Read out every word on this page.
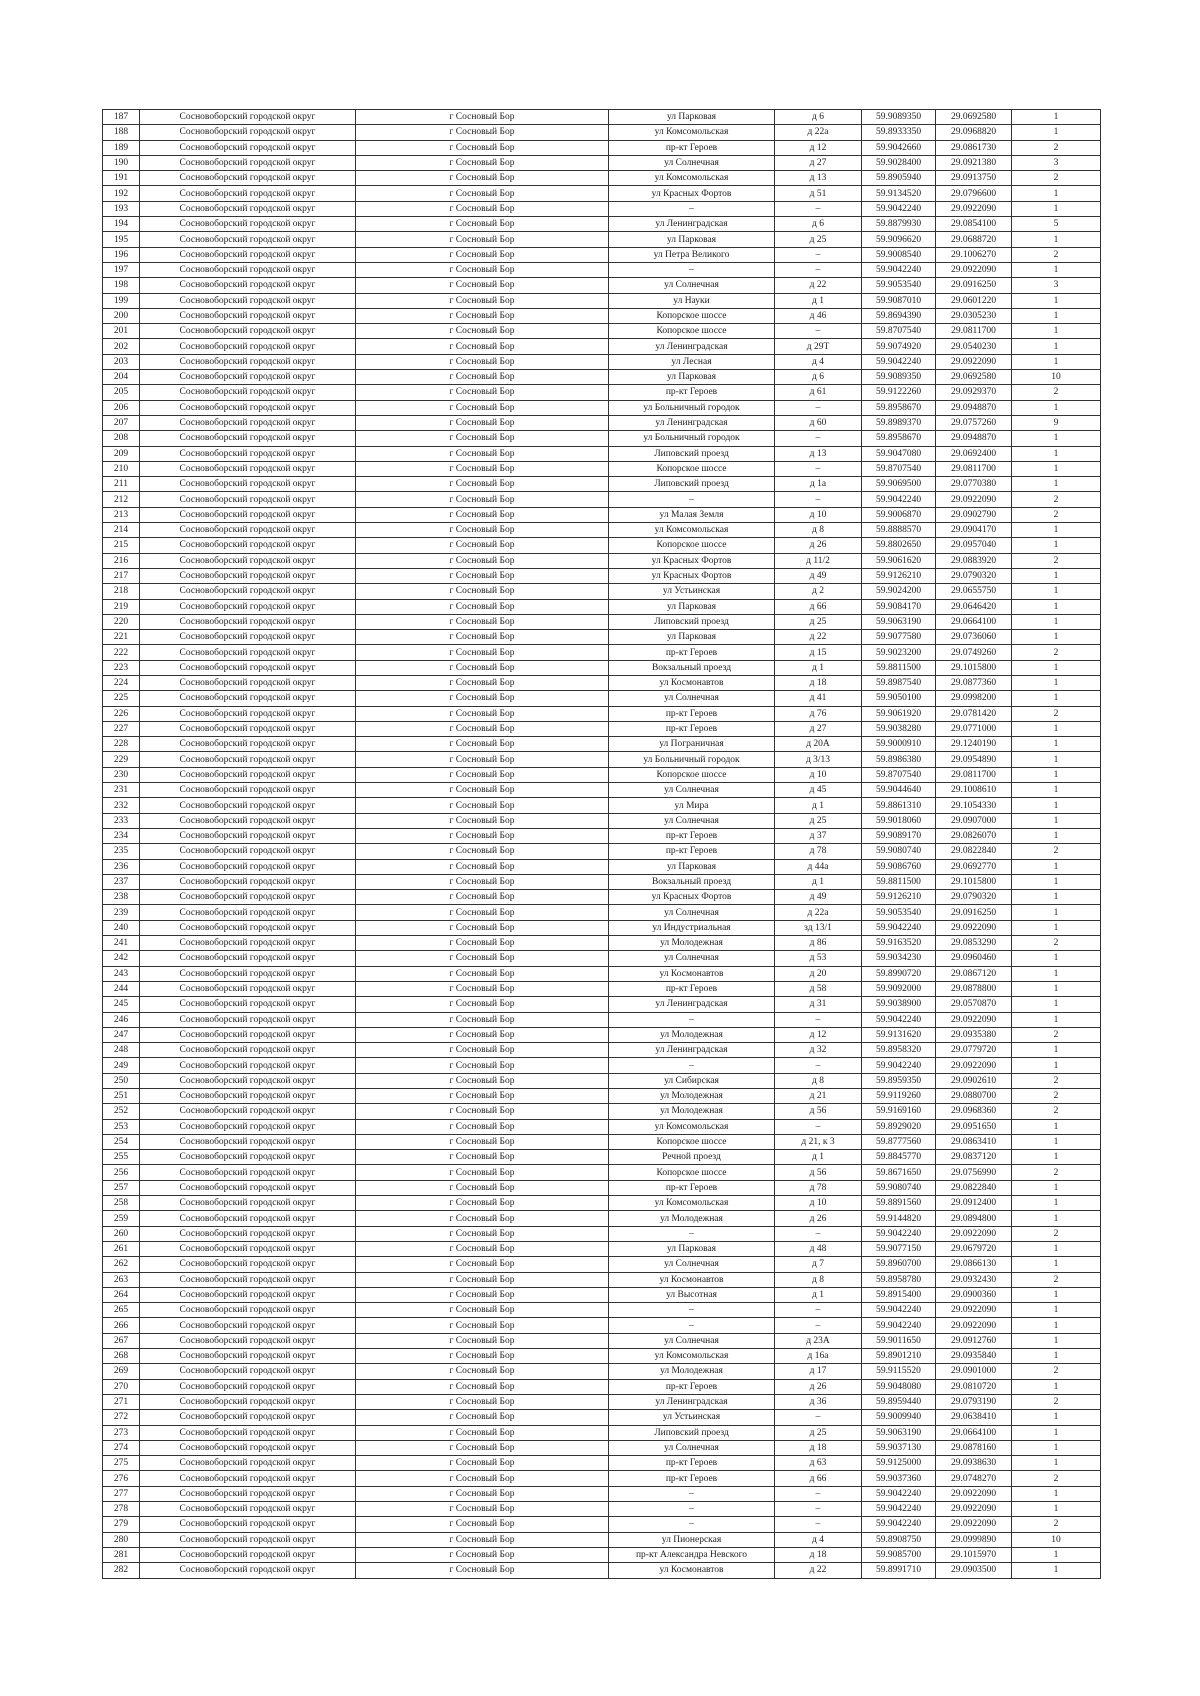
187	Сосновоборский городской округ	г Сосновый Бор	ул Парковая	д 6	59.9089350	29.0692580	1
188	Сосновоборский городской округ	г Сосновый Бор	ул Комсомольская	д 22а	59.8933350	29.0968820	1
189	Сосновоборский городской округ	г Сосновый Бор	пр-кт Героев	д 12	59.9042660	29.0861730	2
190	Сосновоборский городской округ	г Сосновый Бор	ул Солнечная	д 27	59.9028400	29.0921380	3
191	Сосновоборский городской округ	г Сосновый Бор	ул Комсомольская	д 13	59.8905940	29.0913750	2
192	Сосновоборский городской округ	г Сосновый Бор	ул Красных Фортов	д 51	59.9134520	29.0796600	1
193	Сосновоборский городской округ	г Сосновый Бор	–	–	59.9042240	29.0922090	1
194	Сосновоборский городской округ	г Сосновый Бор	ул Ленинградская	д 6	59.8879930	29.0854100	5
195	Сосновоборский городской округ	г Сосновый Бор	ул Парковая	д 25	59.9096620	29.0688720	1
196	Сосновоборский городской округ	г Сосновый Бор	ул Петра Великого	–	59.9008540	29.1006270	2
197	Сосновоборский городской округ	г Сосновый Бор	–	–	59.9042240	29.0922090	1
198	Сосновоборский городской округ	г Сосновый Бор	ул Солнечная	д 22	59.9053540	29.0916250	3
199	Сосновоборский городской округ	г Сосновый Бор	ул Науки	д 1	59.9087010	29.0601220	1
200	Сосновоборский городской округ	г Сосновый Бор	Копорское шоссе	д 46	59.8694390	29.0305230	1
201	Сосновоборский городской округ	г Сосновый Бор	Копорское шоссе	–	59.8707540	29.0811700	1
202	Сосновоборский городской округ	г Сосновый Бор	ул Ленинградская	д 29Т	59.9074920	29.0540230	1
203	Сосновоборский городской округ	г Сосновый Бор	ул Лесная	д 4	59.9042240	29.0922090	1
204	Сосновоборский городской округ	г Сосновый Бор	ул Парковая	д 6	59.9089350	29.0692580	10
205	Сосновоборский городской округ	г Сосновый Бор	пр-кт Героев	д 61	59.9122260	29.0929370	2
206	Сосновоборский городской округ	г Сосновый Бор	ул Больничный городок	–	59.8958670	29.0948870	1
207	Сосновоборский городской округ	г Сосновый Бор	ул Ленинградская	д 60	59.8989370	29.0757260	9
208	Сосновоборский городской округ	г Сосновый Бор	ул Больничный городок	–	59.8958670	29.0948870	1
209	Сосновоборский городской округ	г Сосновый Бор	Липовский проезд	д 13	59.9047080	29.0692400	1
210	Сосновоборский городской округ	г Сосновый Бор	Копорское шоссе	–	59.8707540	29.0811700	1
211	Сосновоборский городской округ	г Сосновый Бор	Липовский проезд	д 1а	59.9069500	29.0770380	1
212	Сосновоборский городской округ	г Сосновый Бор	–	–	59.9042240	29.0922090	2
213	Сосновоборский городской округ	г Сосновый Бор	ул Малая Земля	д 10	59.9006870	29.0902790	2
214	Сосновоборский городской округ	г Сосновый Бор	ул Комсомольская	д 8	59.8888570	29.0904170	1
215	Сосновоборский городской округ	г Сосновый Бор	Копорское шоссе	д 26	59.8802650	29.0957040	1
216	Сосновоборский городской округ	г Сосновый Бор	ул Красных Фортов	д 11/2	59.9061620	29.0883920	2
217	Сосновоборский городской округ	г Сосновый Бор	ул Красных Фортов	д 49	59.9126210	29.0790320	1
218	Сосновоборский городской округ	г Сосновый Бор	ул Устьинская	д 2	59.9024200	29.0655750	1
219	Сосновоборский городской округ	г Сосновый Бор	ул Парковая	д 66	59.9084170	29.0646420	1
220	Сосновоборский городской округ	г Сосновый Бор	Липовский проезд	д 25	59.9063190	29.0664100	1
221	Сосновоборский городской округ	г Сосновый Бор	ул Парковая	д 22	59.9077580	29.0736060	1
222	Сосновоборский городской округ	г Сосновый Бор	пр-кт Героев	д 15	59.9023200	29.0749260	2
223	Сосновоборский городской округ	г Сосновый Бор	Вокзальный проезд	д 1	59.8811500	29.1015800	1
224	Сосновоборский городской округ	г Сосновый Бор	ул Космонавтов	д 18	59.8987540	29.0877360	1
225	Сосновоборский городской округ	г Сосновый Бор	ул Солнечная	д 41	59.9050100	29.0998200	1
226	Сосновоборский городской округ	г Сосновый Бор	пр-кт Героев	д 76	59.9061920	29.0781420	2
227	Сосновоборский городской округ	г Сосновый Бор	пр-кт Героев	д 27	59.9038280	29.0771000	1
228	Сосновоборский городской округ	г Сосновый Бор	ул Пограничная	д 20А	59.9000910	29.1240190	1
229	Сосновоборский городской округ	г Сосновый Бор	ул Больничный городок	д 3/13	59.8986380	29.0954890	1
230	Сосновоборский городской округ	г Сосновый Бор	Копорское шоссе	д 10	59.8707540	29.0811700	1
231	Сосновоборский городской округ	г Сосновый Бор	ул Солнечная	д 45	59.9044640	29.1008610	1
232	Сосновоборский городской округ	г Сосновый Бор	ул Мира	д 1	59.8861310	29.1054330	1
233	Сосновоборский городской округ	г Сосновый Бор	ул Солнечная	д 25	59.9018060	29.0907000	1
234	Сосновоборский городской округ	г Сосновый Бор	пр-кт Героев	д 37	59.9089170	29.0826070	1
235	Сосновоборский городской округ	г Сосновый Бор	пр-кт Героев	д 78	59.9080740	29.0822840	2
236	Сосновоборский городской округ	г Сосновый Бор	ул Парковая	д 44а	59.9086760	29.0692770	1
237	Сосновоборский городской округ	г Сосновый Бор	Вокзальный проезд	д 1	59.8811500	29.1015800	1
238	Сосновоборский городской округ	г Сосновый Бор	ул Красных Фортов	д 49	59.9126210	29.0790320	1
239	Сосновоборский городской округ	г Сосновый Бор	ул Солнечная	д 22а	59.9053540	29.0916250	1
240	Сосновоборский городской округ	г Сосновый Бор	ул Индустриальная	зд 13/1	59.9042240	29.0922090	1
241	Сосновоборский городской округ	г Сосновый Бор	ул Молодежная	д 86	59.9163520	29.0853290	2
242	Сосновоборский городской округ	г Сосновый Бор	ул Солнечная	д 53	59.9034230	29.0960460	1
243	Сосновоборский городской округ	г Сосновый Бор	ул Космонавтов	д 20	59.8990720	29.0867120	1
244	Сосновоборский городской округ	г Сосновый Бор	пр-кт Героев	д 58	59.9092000	29.0878800	1
245	Сосновоборский городской округ	г Сосновый Бор	ул Ленинградская	д 31	59.9038900	29.0570870	1
246	Сосновоборский городской округ	г Сосновый Бор	–	–	59.9042240	29.0922090	1
247	Сосновоборский городской округ	г Сосновый Бор	ул Молодежная	д 12	59.9131620	29.0935380	2
248	Сосновоборский городской округ	г Сосновый Бор	ул Ленинградская	д 32	59.8958320	29.0779720	1
249	Сосновоборский городской округ	г Сосновый Бор	–	–	59.9042240	29.0922090	1
250	Сосновоборский городской округ	г Сосновый Бор	ул Сибирская	д 8	59.8959350	29.0902610	2
251	Сосновоборский городской округ	г Сосновый Бор	ул Молодежная	д 21	59.9119260	29.0880700	2
252	Сосновоборский городской округ	г Сосновый Бор	ул Молодежная	д 56	59.9169160	29.0968360	2
253	Сосновоборский городской округ	г Сосновый Бор	ул Комсомольская	–	59.8929020	29.0951650	1
254	Сосновоборский городской округ	г Сосновый Бор	Копорское шоссе	д 21, к 3	59.8777560	29.0863410	1
255	Сосновоборский городской округ	г Сосновый Бор	Речной проезд	д 1	59.8845770	29.0837120	1
256	Сосновоборский городской округ	г Сосновый Бор	Копорское шоссе	д 56	59.8671650	29.0756990	2
257	Сосновоборский городской округ	г Сосновый Бор	пр-кт Героев	д 78	59.9080740	29.0822840	1
258	Сосновоборский городской округ	г Сосновый Бор	ул Комсомольская	д 10	59.8891560	29.0912400	1
259	Сосновоборский городской округ	г Сосновый Бор	ул Молодежная	д 26	59.9144820	29.0894800	1
260	Сосновоборский городской округ	г Сосновый Бор	–	–	59.9042240	29.0922090	2
261	Сосновоборский городской округ	г Сосновый Бор	ул Парковая	д 48	59.9077150	29.0679720	1
262	Сосновоборский городской округ	г Сосновый Бор	ул Солнечная	д 7	59.8960700	29.0866130	1
263	Сосновоборский городской округ	г Сосновый Бор	ул Космонавтов	д 8	59.8958780	29.0932430	2
264	Сосновоборский городской округ	г Сосновый Бор	ул Высотная	д 1	59.8915400	29.0900360	1
265	Сосновоборский городской округ	г Сосновый Бор	–	–	59.9042240	29.0922090	1
266	Сосновоборский городской округ	г Сосновый Бор	–	–	59.9042240	29.0922090	1
267	Сосновоборский городской округ	г Сосновый Бор	ул Солнечная	д 23А	59.9011650	29.0912760	1
268	Сосновоборский городской округ	г Сосновый Бор	ул Комсомольская	д 16а	59.8901210	29.0935840	1
269	Сосновоборский городской округ	г Сосновый Бор	ул Молодежная	д 17	59.9115520	29.0901000	2
270	Сосновоборский городской округ	г Сосновый Бор	пр-кт Героев	д 26	59.9048080	29.0810720	1
271	Сосновоборский городской округ	г Сосновый Бор	ул Ленинградская	д 36	59.8959440	29.0793190	2
272	Сосновоборский городской округ	г Сосновый Бор	ул Устьинская	–	59.9009940	29.0638410	1
273	Сосновоборский городской округ	г Сосновый Бор	Липовский проезд	д 25	59.9063190	29.0664100	1
274	Сосновоборский городской округ	г Сосновый Бор	ул Солнечная	д 18	59.9037130	29.0878160	1
275	Сосновоборский городской округ	г Сосновый Бор	пр-кт Героев	д 63	59.9125000	29.0938630	1
276	Сосновоборский городской округ	г Сосновый Бор	пр-кт Героев	д 66	59.9037360	29.0748270	2
277	Сосновоборский городской округ	г Сосновый Бор	–	–	59.9042240	29.0922090	1
278	Сосновоборский городской округ	г Сосновый Бор	–	–	59.9042240	29.0922090	1
279	Сосновоборский городской округ	г Сосновый Бор	–	–	59.9042240	29.0922090	2
280	Сосновоборский городской округ	г Сосновый Бор	ул Пионерская	д 4	59.8908750	29.0999890	10
281	Сосновоборский городской округ	г Сосновый Бор	пр-кт Александра Невского	д 18	59.9085700	29.1015970	1
282	Сосновоборский городской округ	г Сосновый Бор	ул Космонавтов	д 22	59.8991710	29.0903500	1
